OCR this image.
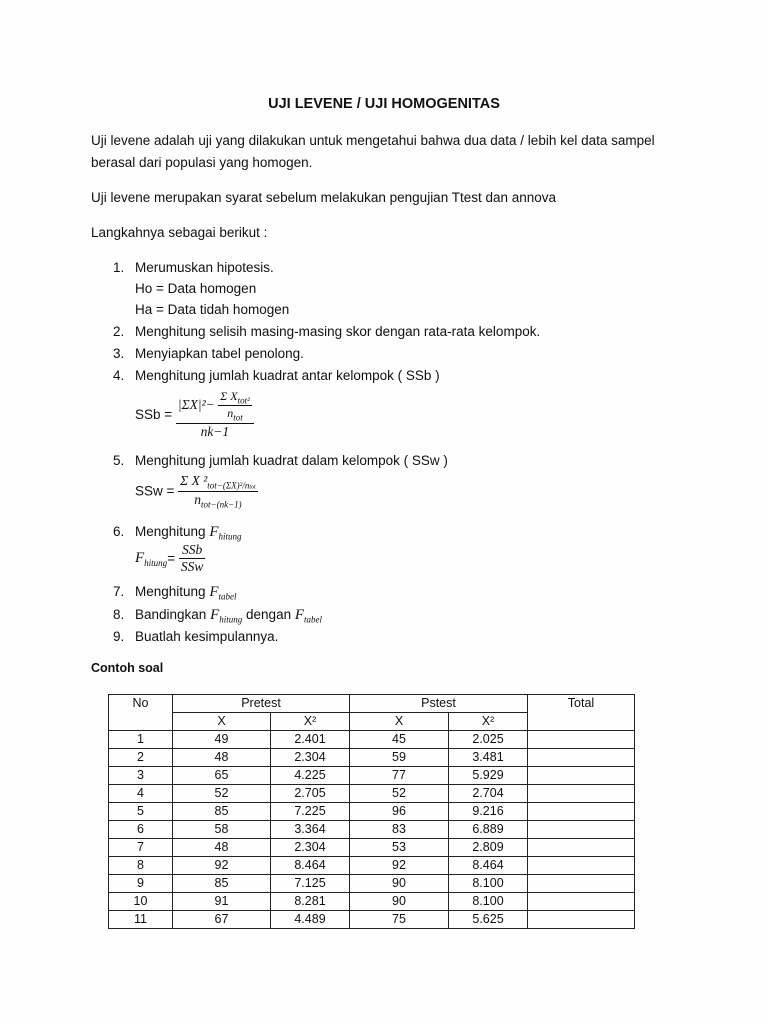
UJI LEVENE / UJI HOMOGENITAS
Uji levene adalah uji yang dilakukan untuk mengetahui bahwa dua data / lebih kel data sampel berasal dari populasi yang homogen.
Uji levene merupakan syarat sebelum melakukan pengujian Ttest dan annova
Langkahnya sebagai berikut :
1. Merumuskan hipotesis.
Ho = Data homogen
Ha = Data tidah homogen
2. Menghitung selisih masing-masing skor dengan rata-rata kelompok.
3. Menyiapkan tabel penolong.
4. Menghitung jumlah kuadrat antar kelompok ( SSb )
SSb = $\frac{|\Sigma X|^2- \frac{\Sigma X_{tot^2}}{n_{tot}}}{nk-1}$
5. Menghitung jumlah kuadrat dalam kelompok ( SSw )
SSw = $\frac{\Sigma X ^2_{tot-(\Sigma X)^2/ntot}}{n_{tot-(nk-1)}}$
6. Menghitung $F_{hitung}$
$F_{hitung}= \frac{\text{SSb}}{\text{SSw}}$
7. Menghitung $F_{tabel}$
8. Bandingkan $F_{hitung}$ dengan $F_{tabel}$
9. Buatlah kesimpulannya.
Contoh soal
No	Pretest		Pstest		Total
	X	X²	X	X²	
1	49	2.401	45	2.025	
2	48	2.304	59	3.481	
3	65	4.225	77	5.929	
4	52	2.705	52	2.704	
5	85	7.225	96	9.216	
6	58	3.364	83	6.889	
7	48	2.304	53	2.809	
8	92	8.464	92	8.464	
9	85	7.125	90	8.100	
10	91	8.281	90	8.100	
11	67	4.489	75	5.625	
